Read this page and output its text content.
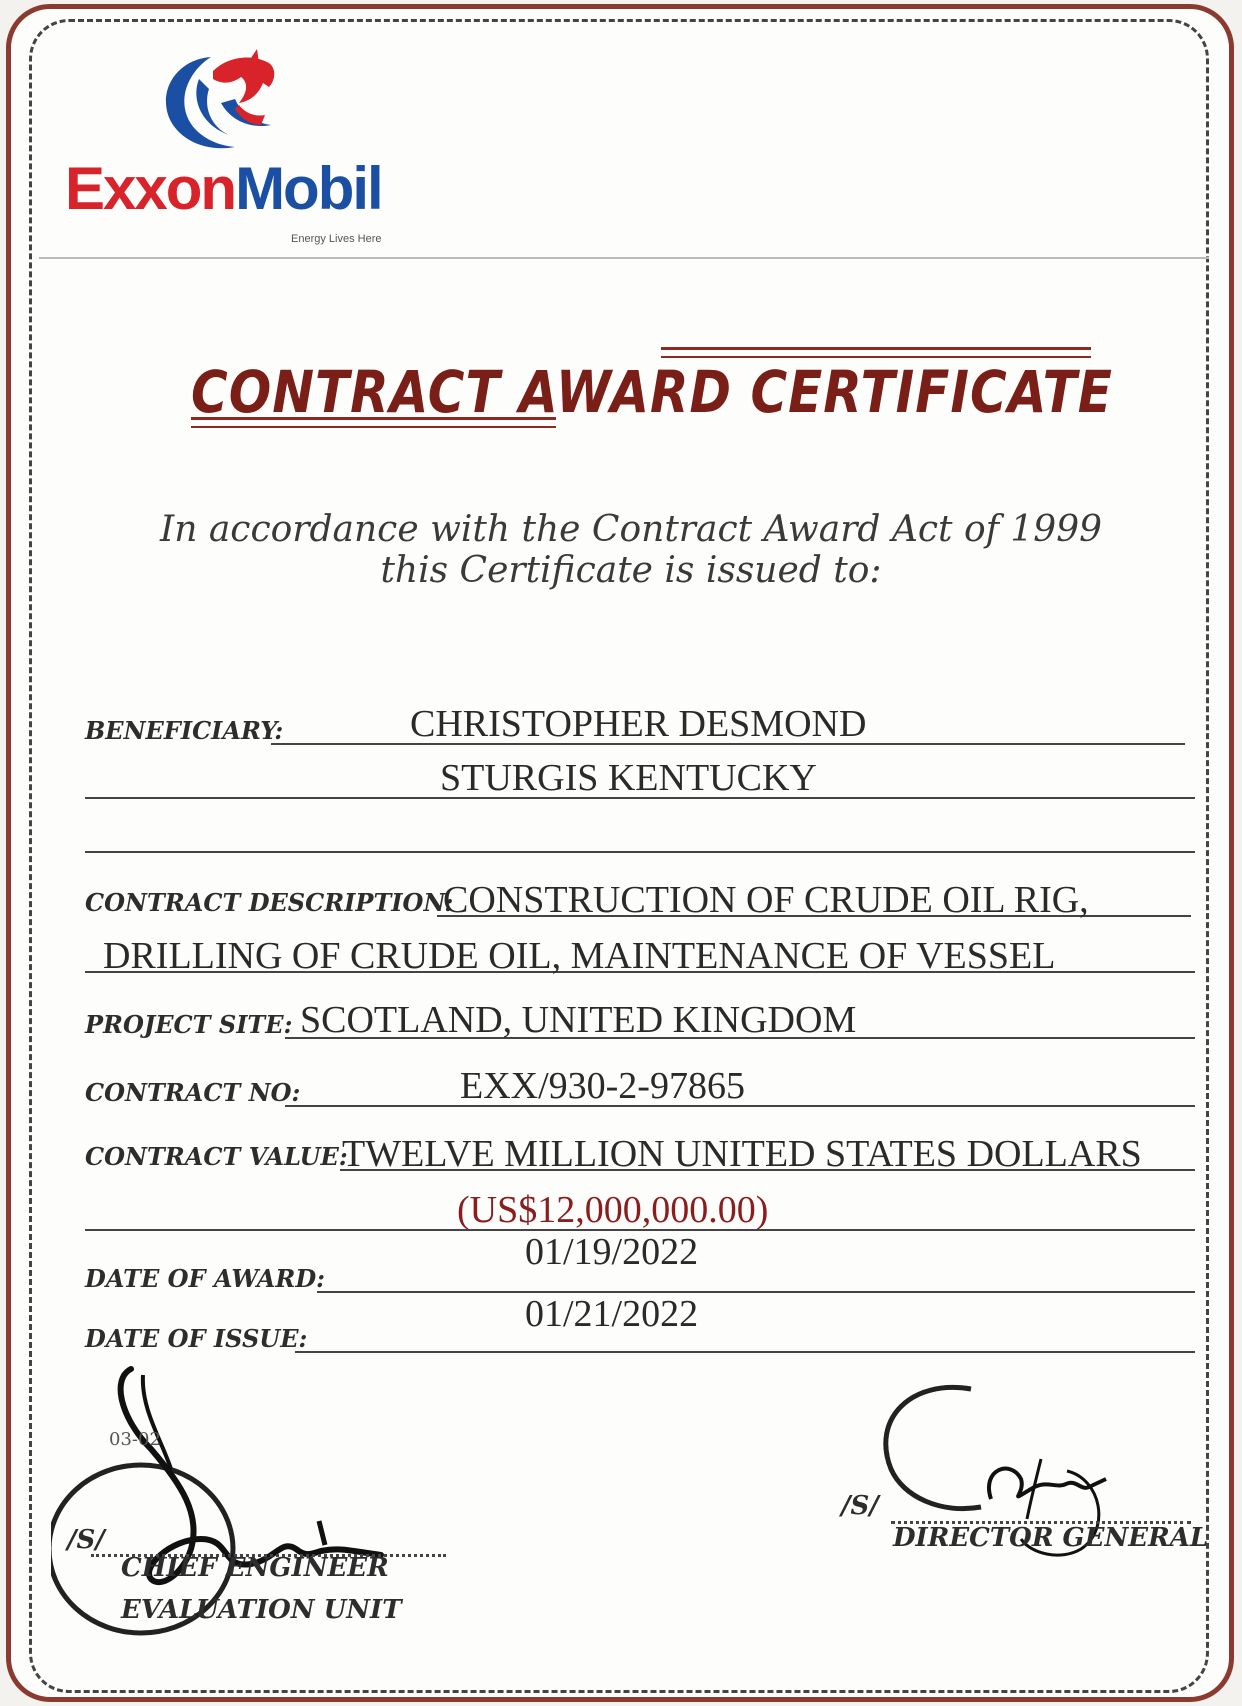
ExxonMobil
Energy Lives Here
CONTRACT AWARD CERTIFICATE
In accordance with the Contract Award Act of 1999
this Certificate is issued to:
BENEFICIARY:	CHRISTOPHER DESMOND
STURGIS KENTUCKY
CONTRACT DESCRIPTION:
CONSTRUCTION OF CRUDE OIL RIG,
DRILLING OF CRUDE OIL, MAINTENANCE OF VESSEL
PROJECT SITE: SCOTLAND, UNITED KINGDOM
CONTRACT NO:	EXX/930-2-97865
CONTRACT VALUE:
TWELVE MILLION UNITED STATES DOLLARS
(US$12,000,000.00)
DATE OF AWARD:
01/19/2022
DATE OF ISSUE:
01/21/2022
03-02
/S/
CHIEF ENGINEER
EVALUATION UNIT
/S/
DIRECTOR GENERAL
